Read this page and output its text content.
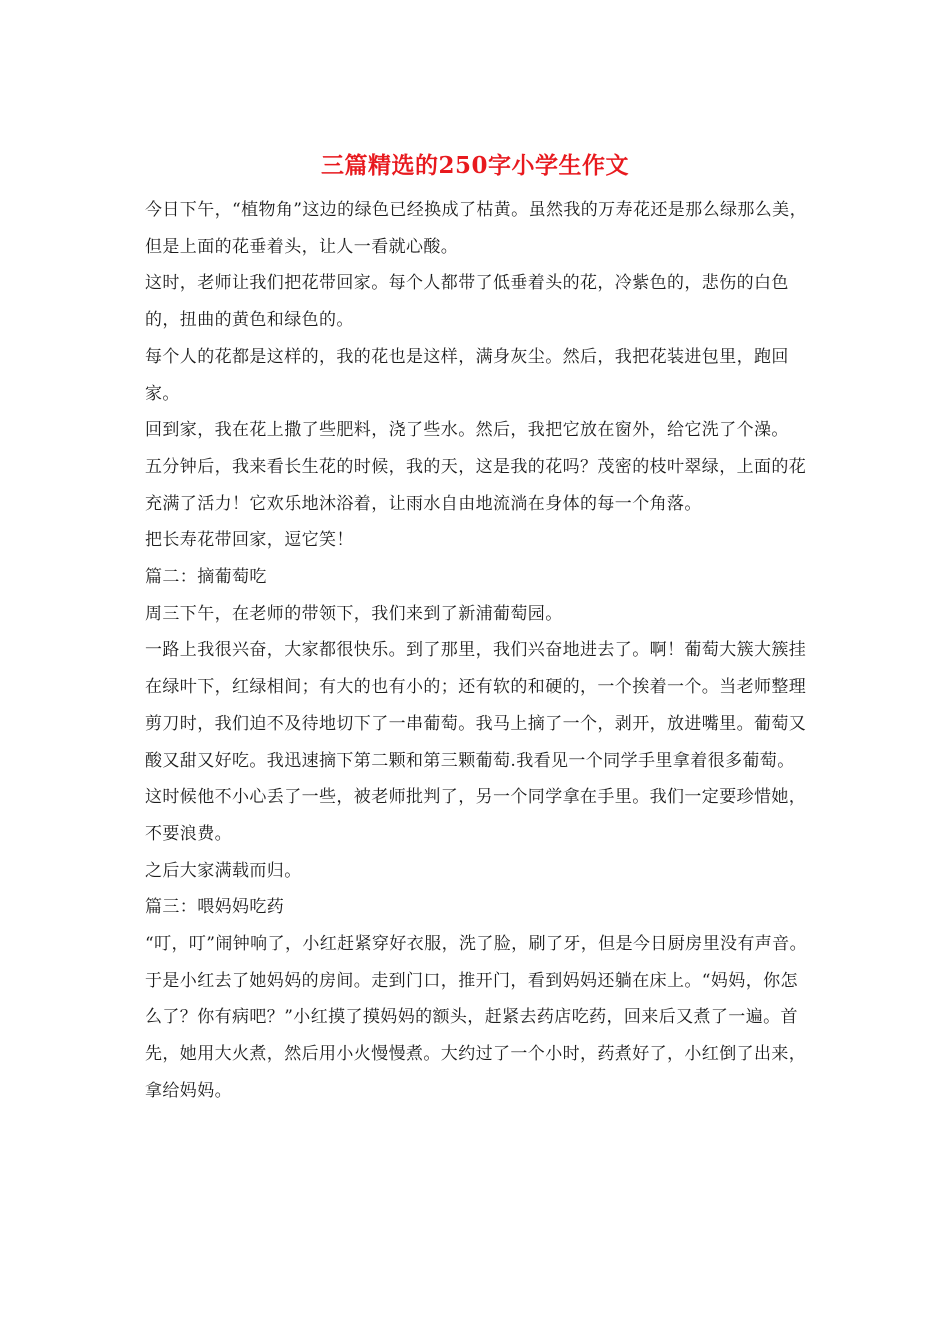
三篇精选的250字小学生作文

今日下午，“植物角”这边的绿色已经换成了枯黄。虽然我的万寿花还是那么绿那么美，但是上面的花垂着头，让人一看就心酸。

这时，老师让我们把花带回家。每个人都带了低垂着头的花，冷紫色的，悲伤的白色的，扭曲的黄色和绿色的。

每个人的花都是这样的，我的花也是这样，满身灰尘。然后，我把花装进包里，跑回家。

回到家，我在花上撒了些肥料，浇了些水。然后，我把它放在窗外，给它洗了个澡。

五分钟后，我来看长生花的时候，我的天，这是我的花吗？茂密的枝叶翠绿，上面的花充满了活力！它欢乐地沐浴着，让雨水自由地流淌在身体的每一个角落。

把长寿花带回家，逗它笑！

篇二：摘葡萄吃

周三下午，在老师的带领下，我们来到了新浦葡萄园。

一路上我很兴奋，大家都很快乐。到了那里，我们兴奋地进去了。啊！葡萄大簇大簇挂在绿叶下，红绿相间；有大的也有小的；还有软的和硬的，一个挨着一个。当老师整理剪刀时，我们迫不及待地切下了一串葡萄。我马上摘了一个，剥开，放进嘴里。葡萄又酸又甜又好吃。我迅速摘下第二颗和第三颗葡萄.我看见一个同学手里拿着很多葡萄。这时候他不小心丢了一些，被老师批判了，另一个同学拿在手里。我们一定要珍惜她，不要浪费。

之后大家满载而归。

篇三：喂妈妈吃药

“叮，叮”闹钟响了，小红赶紧穿好衣服，洗了脸，刷了牙，但是今日厨房里没有声音。

于是小红去了她妈妈的房间。走到门口，推开门，看到妈妈还躺在床上。“妈妈，你怎么了？你有病吧？”小红摸了摸妈妈的额头，赶紧去药店吃药，回来后又煮了一遍。首先，她用大火煮，然后用小火慢慢煮。大约过了一个小时，药煮好了，小红倒了出来，拿给妈妈。
